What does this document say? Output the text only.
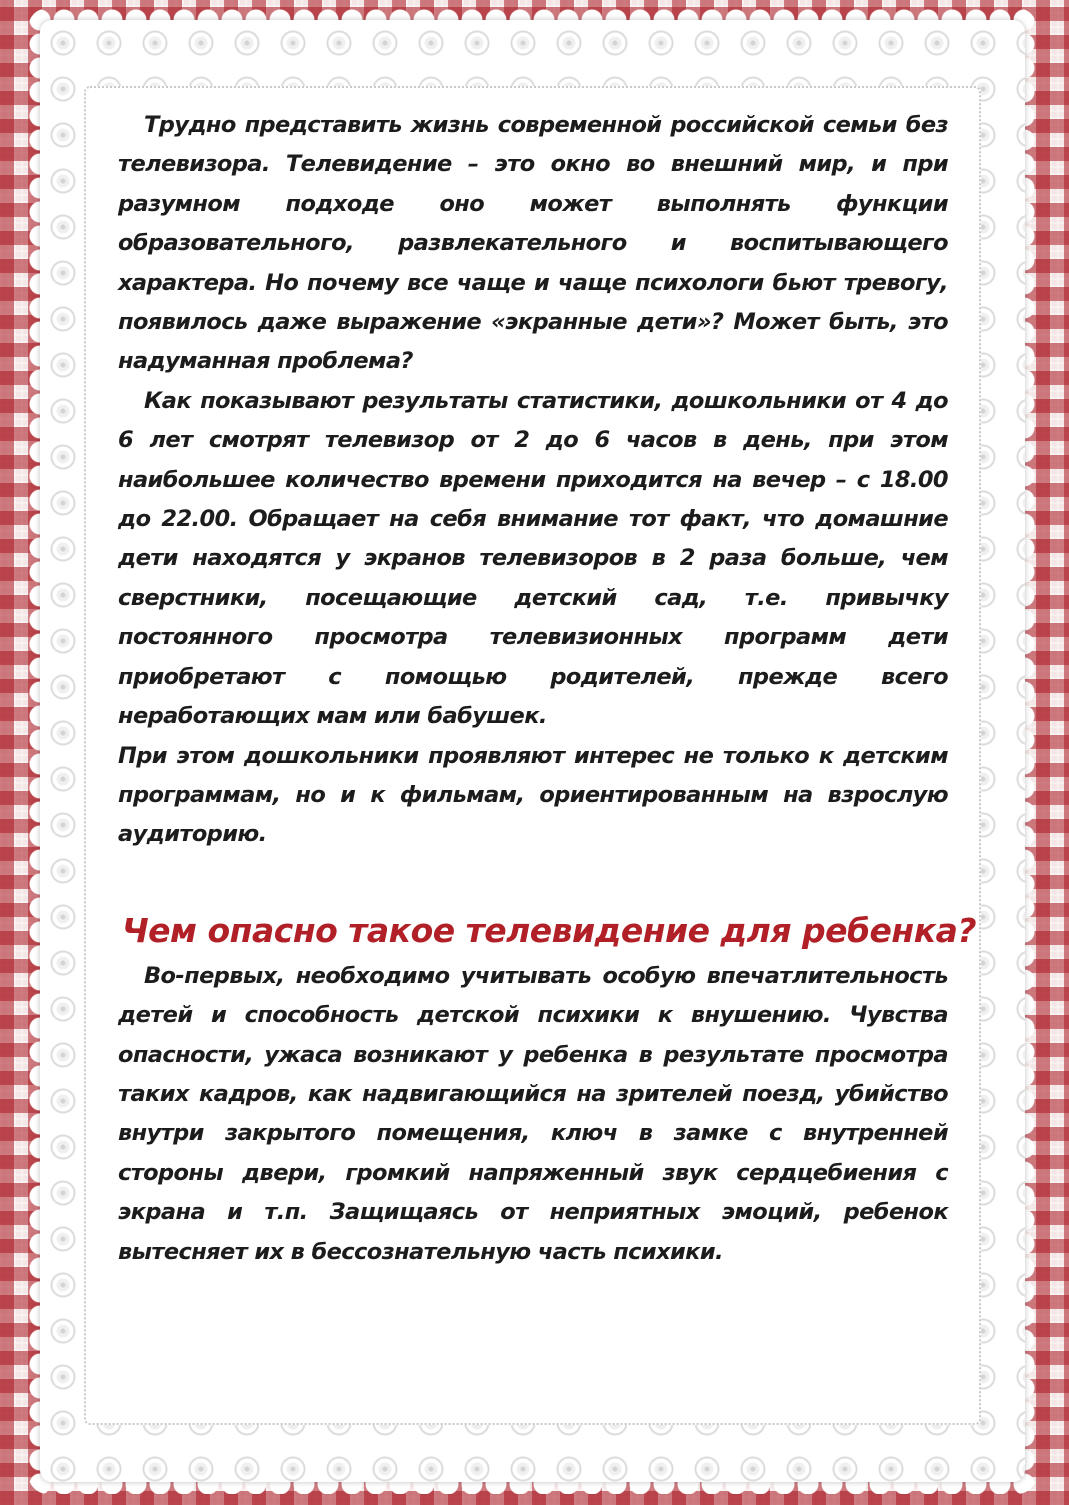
Трудно представить жизнь современной российской семьи без телевизора. Телевидение – это окно во внешний мир, и при разумном подходе оно может выполнять функции образовательного, развлекательного и воспитывающего характера. Но почему все чаще и чаще психологи бьют тревогу, появилось даже выражение «экранные дети»? Может быть, это надуманная проблема?

Как показывают результаты статистики, дошкольники от 4 до 6 лет смотрят телевизор от 2 до 6 часов в день, при этом наибольшее количество времени приходится на вечер – с 18.00 до 22.00. Обращает на себя внимание тот факт, что домашние дети находятся у экранов телевизоров в 2 раза больше, чем сверстники, посещающие детский сад, т.е. привычку постоянного просмотра телевизионных программ дети приобретают с помощью родителей, прежде всего неработающих мам или бабушек.

При этом дошкольники проявляют интерес не только к детским программам, но и к фильмам, ориентированным на взрослую аудиторию.

Чем опасно такое телевидение для ребенка?

Во-первых, необходимо учитывать особую впечатлительность детей и способность детской психики к внушению. Чувства опасности, ужаса возникают у ребенка в результате просмотра таких кадров, как надвигающийся на зрителей поезд, убийство внутри закрытого помещения, ключ в замке с внутренней стороны двери, громкий напряженный звук сердцебиения с экрана и т.п. Защищаясь от неприятных эмоций, ребенок вытесняет их в бессознательную часть психики.
